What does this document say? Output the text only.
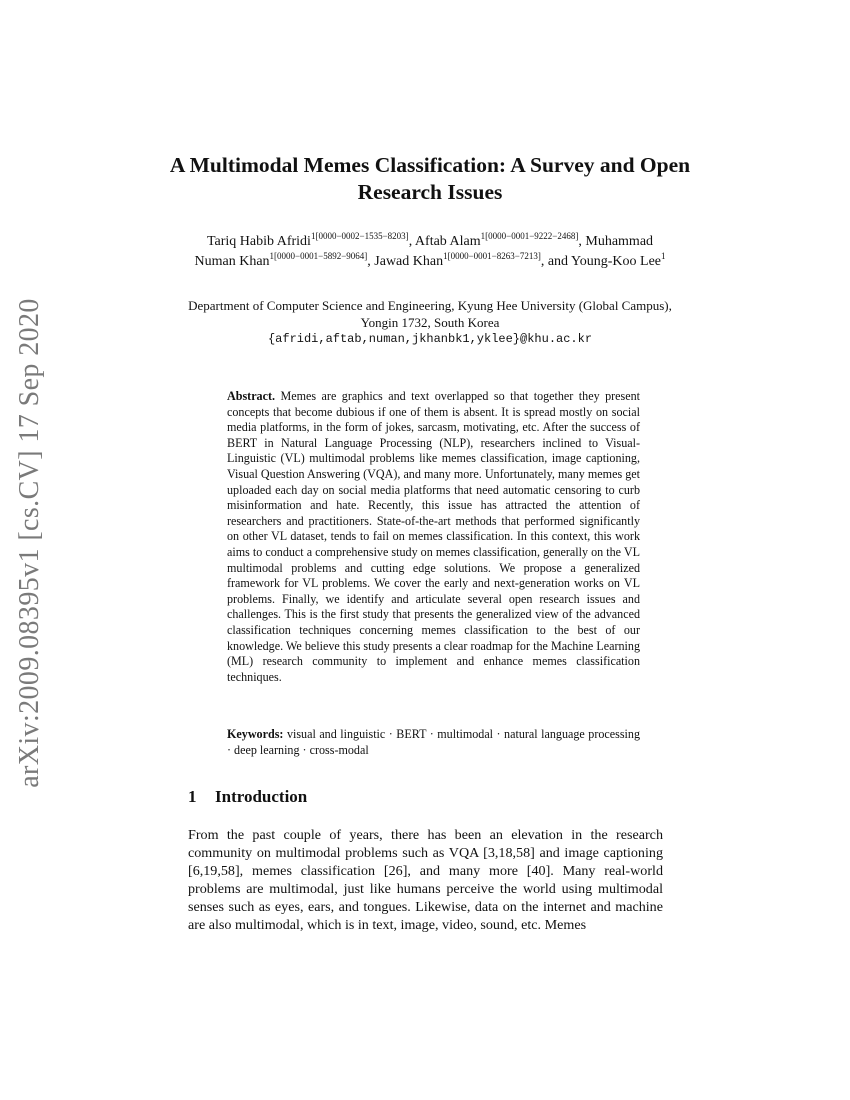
arXiv:2009.08395v1 [cs.CV] 17 Sep 2020
A Multimodal Memes Classification: A Survey and Open Research Issues

Tariq Habib Afridi$^{1[0000-0002-1535-8203]}$, Aftab Alam$^{1[0000-0001-9222-2468]}$, Muhammad Numan Khan$^{1[0000-0001-5892-9064]}$, Jawad Khan$^{1[0000-0001-8263-7213]}$, and Young-Koo Lee$^1$

Department of Computer Science and Engineering, Kyung Hee University (Global Campus), Yongin 1732, South Korea

{afridi,aftab,numan,jkhanbk1,yklee}@khu.ac.kr

Abstract. Memes are graphics and text overlapped so that together they present concepts that become dubious if one of them is absent. It is spread mostly on social media platforms, in the form of jokes, sarcasm, motivating, etc. After the success of BERT in Natural Language Processing (NLP), researchers inclined to Visual-Linguistic (VL) multimodal problems like memes classification, image captioning, Visual Question Answering (VQA), and many more. Unfortunately, many memes get uploaded each day on social media platforms that need automatic censoring to curb misinformation and hate. Recently, this issue has attracted the attention of researchers and practitioners. State-of-the-art methods that performed significantly on other VL dataset, tends to fail on memes classification. In this context, this work aims to conduct a comprehensive study on memes classification, generally on the VL multimodal problems and cutting edge solutions. We propose a generalized framework for VL problems. We cover the early and next-generation works on VL problems. Finally, we identify and articulate several open research issues and challenges. This is the first study that presents the generalized view of the advanced classification techniques concerning memes classification to the best of our knowledge. We believe this study presents a clear roadmap for the Machine Learning (ML) research community to implement and enhance memes classification techniques.

Keywords: visual and linguistic · BERT · multimodal · natural language processing · deep learning · cross-modal

1 Introduction

From the past couple of years, there has been an elevation in the research community on multimodal problems such as VQA [3,18,58] and image captioning [6,19,58], memes classification [26], and many more [40]. Many real-world problems are multimodal, just like humans perceive the world using multimodal senses such as eyes, ears, and tongues. Likewise, data on the internet and machine are also multimodal, which is in text, image, video, sound, etc. Memes
